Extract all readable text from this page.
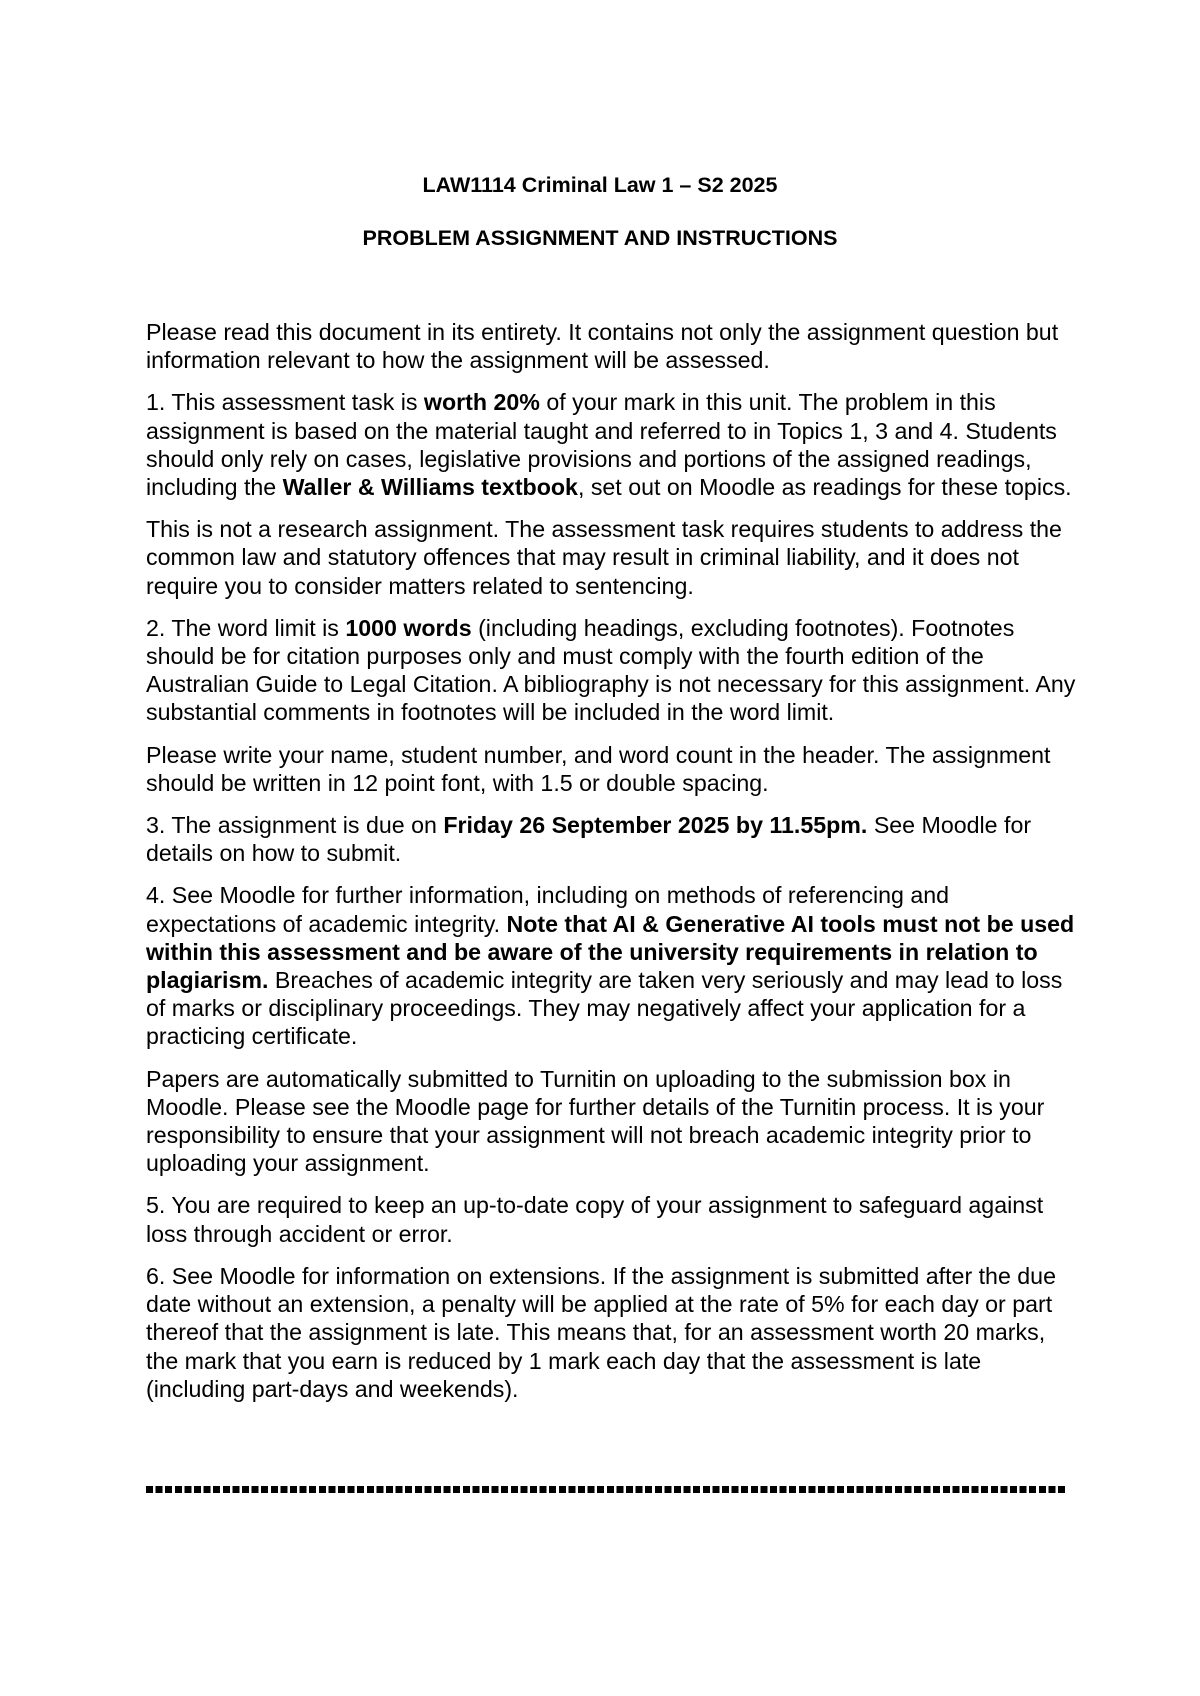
LAW1114 Criminal Law 1 – S2 2025
PROBLEM ASSIGNMENT AND INSTRUCTIONS

Please read this document in its entirety. It contains not only the assignment question but information relevant to how the assignment will be assessed.

1. This assessment task is worth 20% of your mark in this unit. The problem in this assignment is based on the material taught and referred to in Topics 1, 3 and 4. Students should only rely on cases, legislative provisions and portions of the assigned readings, including the Waller & Williams textbook, set out on Moodle as readings for these topics.

This is not a research assignment. The assessment task requires students to address the common law and statutory offences that may result in criminal liability, and it does not require you to consider matters related to sentencing.

2. The word limit is 1000 words (including headings, excluding footnotes). Footnotes should be for citation purposes only and must comply with the fourth edition of the Australian Guide to Legal Citation. A bibliography is not necessary for this assignment. Any substantial comments in footnotes will be included in the word limit.

Please write your name, student number, and word count in the header. The assignment should be written in 12 point font, with 1.5 or double spacing.

3. The assignment is due on Friday 26 September 2025 by 11.55pm. See Moodle for details on how to submit.

4. See Moodle for further information, including on methods of referencing and expectations of academic integrity. Note that AI & Generative AI tools must not be used within this assessment and be aware of the university requirements in relation to plagiarism. Breaches of academic integrity are taken very seriously and may lead to loss of marks or disciplinary proceedings. They may negatively affect your application for a practicing certificate.

Papers are automatically submitted to Turnitin on uploading to the submission box in Moodle. Please see the Moodle page for further details of the Turnitin process. It is your responsibility to ensure that your assignment will not breach academic integrity prior to uploading your assignment.

5. You are required to keep an up-to-date copy of your assignment to safeguard against loss through accident or error.

6. See Moodle for information on extensions. If the assignment is submitted after the due date without an extension, a penalty will be applied at the rate of 5% for each day or part thereof that the assignment is late. This means that, for an assessment worth 20 marks, the mark that you earn is reduced by 1 mark each day that the assessment is late (including part-days and weekends).
